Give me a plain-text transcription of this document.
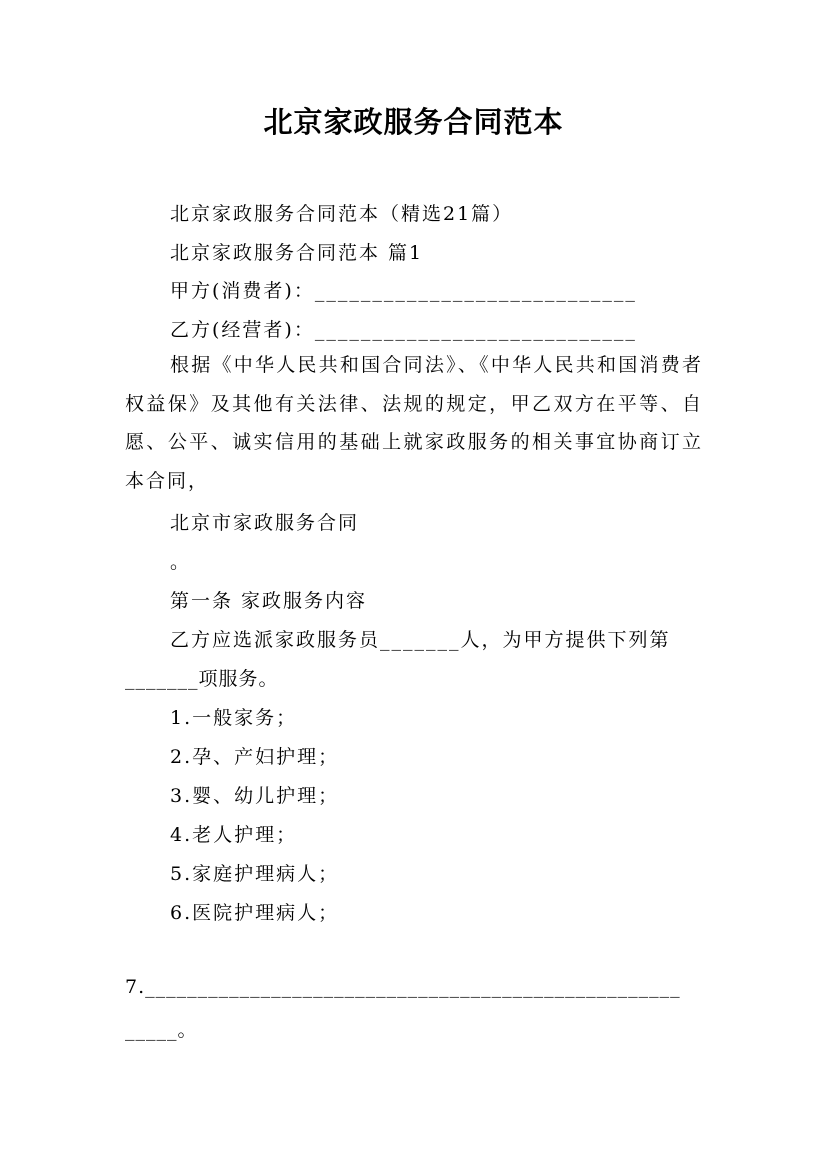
北京家政服务合同范本
北京家政服务合同范本（精选21篇）
北京家政服务合同范本 篇1
甲方(消费者)：____________________________
乙方(经营者)：____________________________
根据《中华人民共和国合同法》、《中华人民共和国消费者权益保》及其他有关法律、法规的规定，甲乙双方在平等、自愿、公平、诚实信用的基础上就家政服务的相关事宜协商订立本合同，
北京市家政服务合同
。
第一条 家政服务内容
乙方应选派家政服务员_______人，为甲方提供下列第
_______项服务。
1.一般家务；
2.孕、产妇护理；
3.婴、幼儿护理；
4.老人护理；
5.家庭护理病人；
6.医院护理病人；
7.___________________________________________________
_____。
